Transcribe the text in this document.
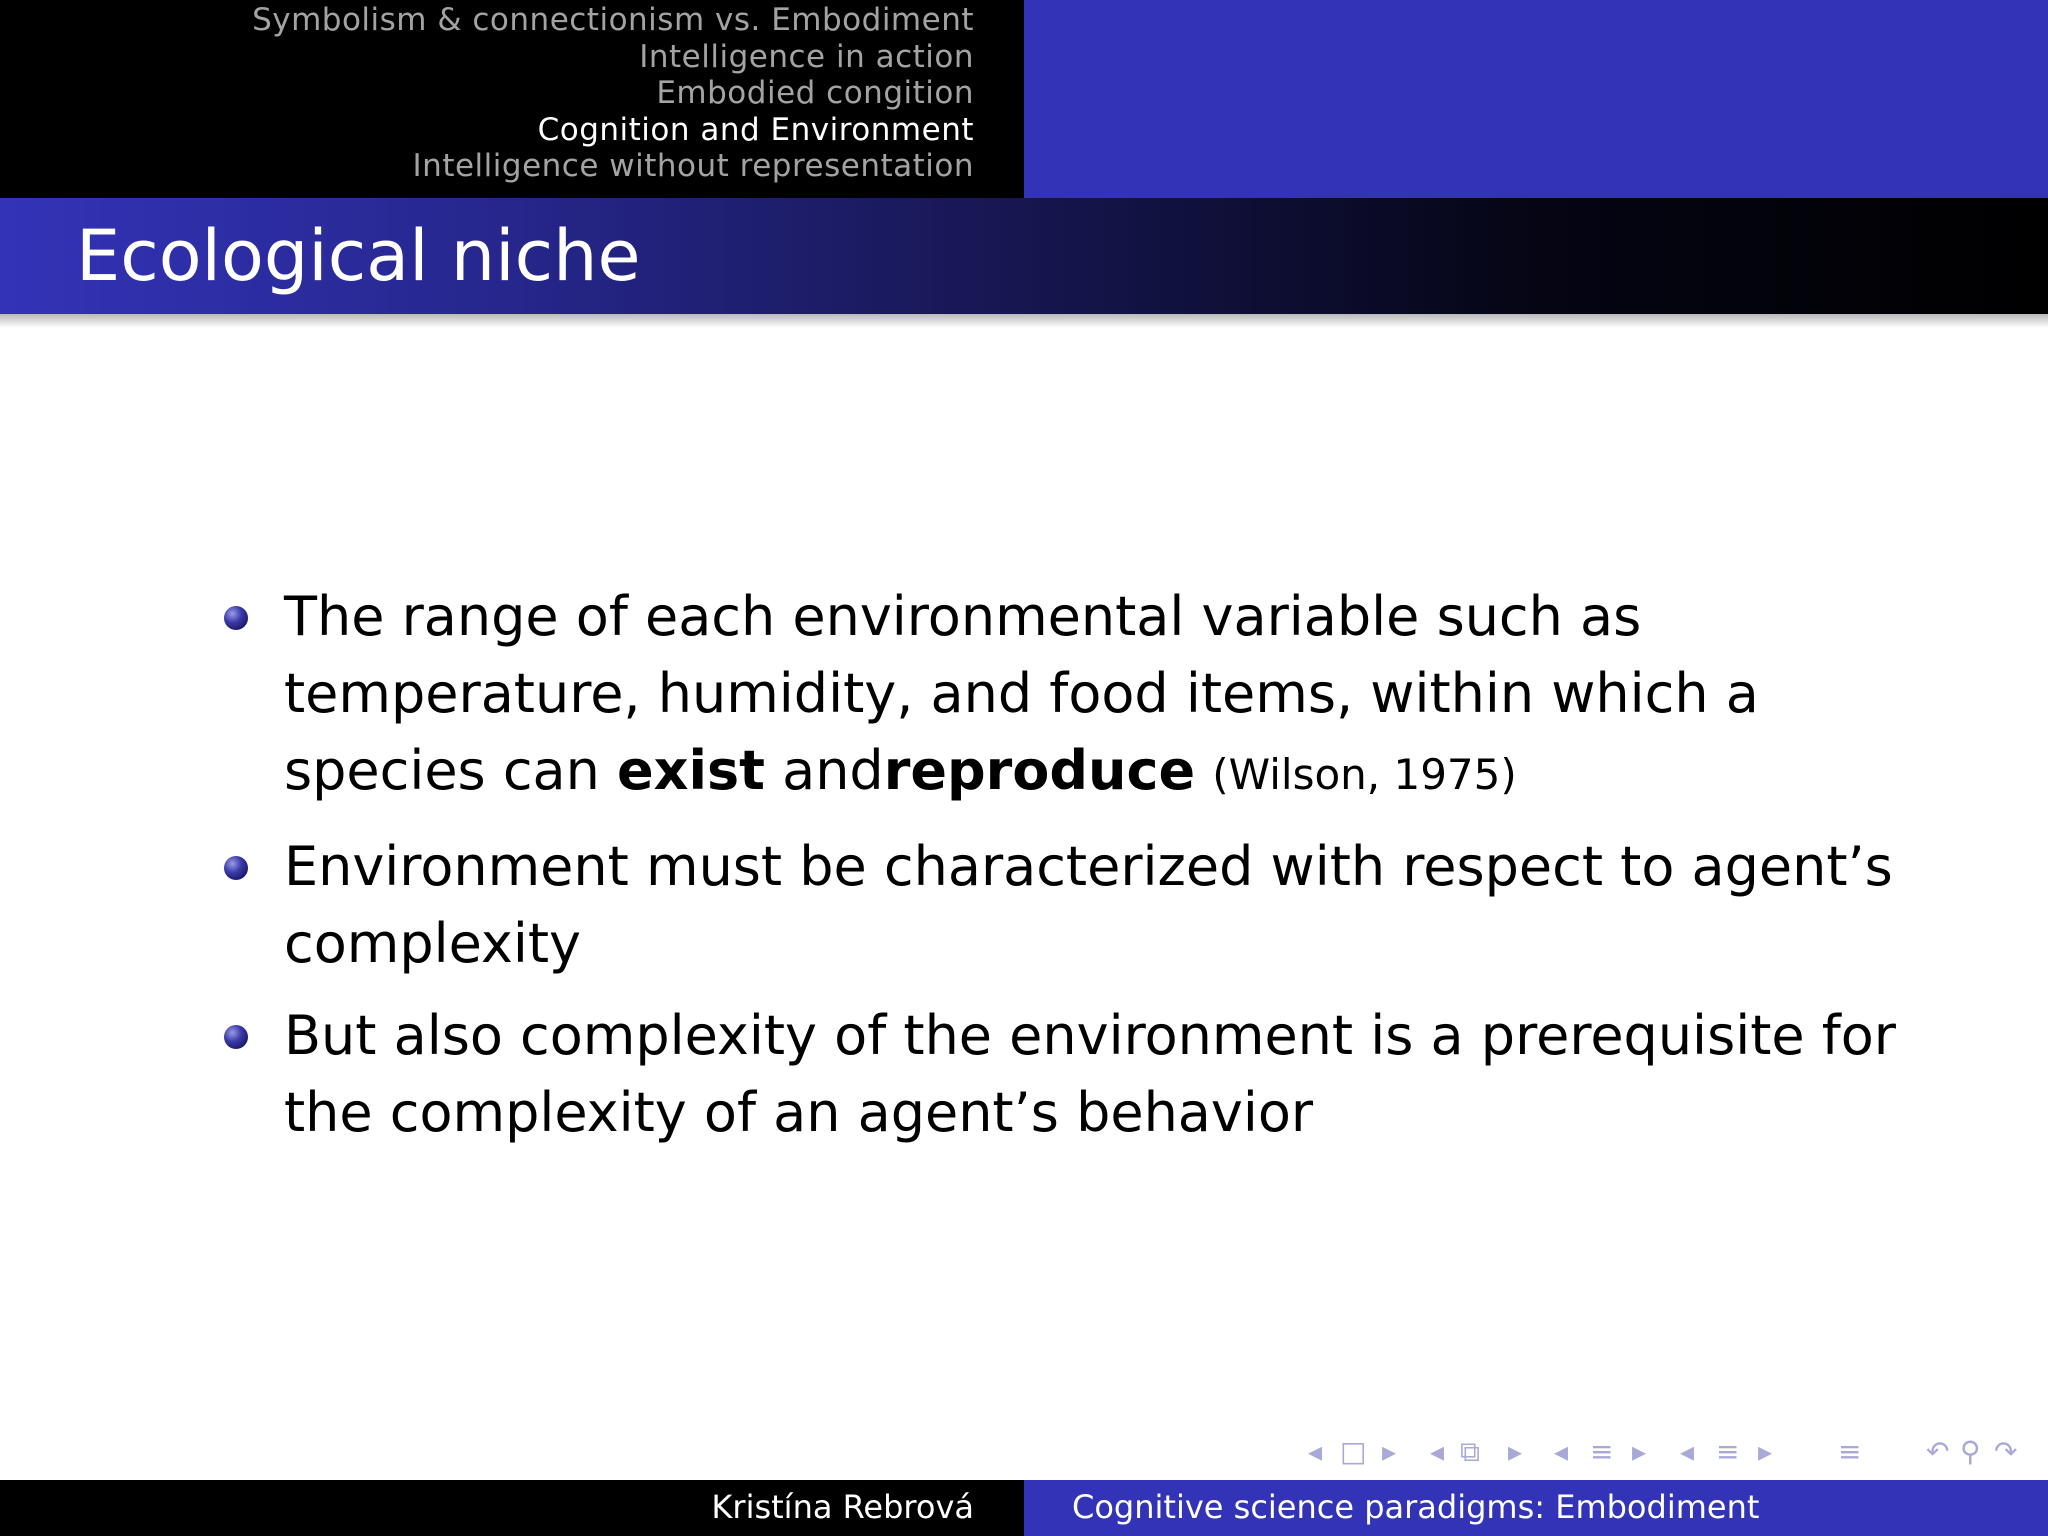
Symbolism & connectionism vs. Embodiment
Intelligence in action
Embodied congition
Cognition and Environment
Intelligence without representation
Ecological niche
The range of each environmental variable such as temperature, humidity, and food items, within which a species can exist andreproduce (Wilson, 1975)
Environment must be characterized with respect to agent’s complexity
But also complexity of the environment is a prerequisite for the complexity of an agent’s behavior
◂ □ ▸ ◂ ⧉ ▸ ◂ ≡ ▸ ◂ ≡ ▸ ≡ ↶ ⚲ ↷
Kristína Rebrová	Cognitive science paradigms: Embodiment
